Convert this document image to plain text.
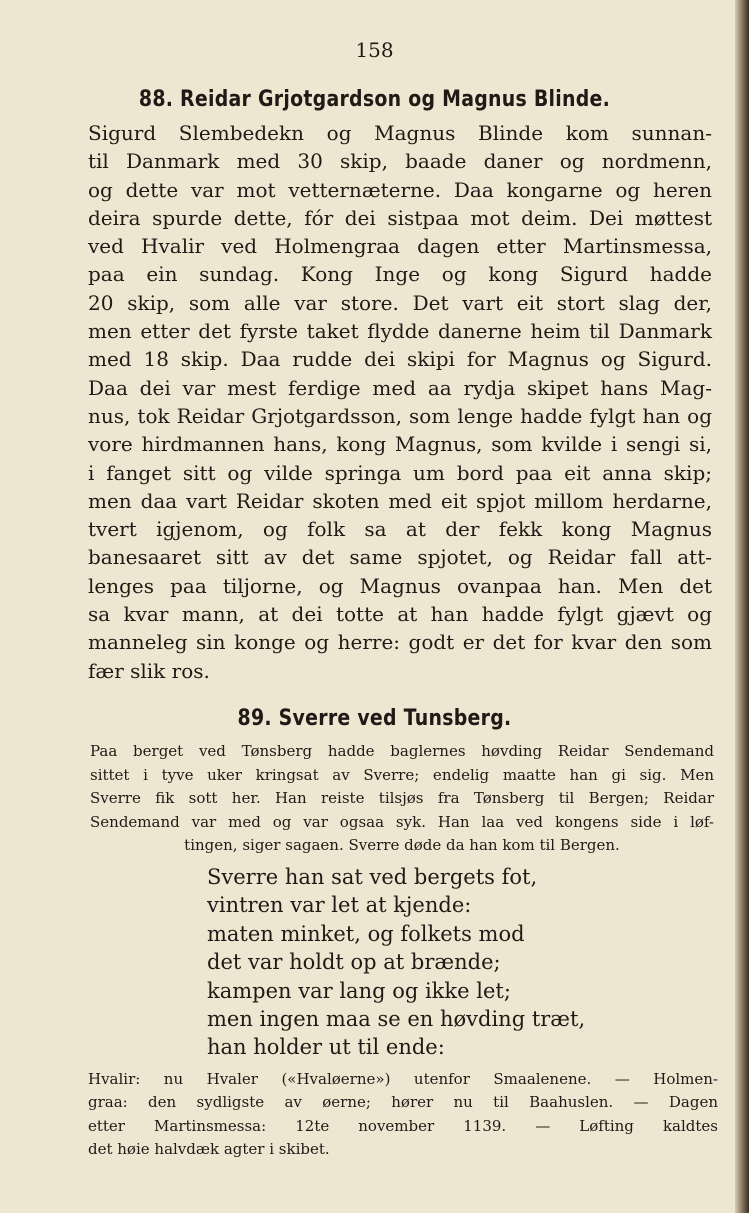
158
88. Reidar Grjotgardson og Magnus Blinde.
Sigurd Slembedekn og Magnus Blinde kom sunnan-
til Danmark med 30 skip, baade daner og nordmenn,
og dette var mot vetternæterne. Daa kongarne og heren
deira spurde dette, fór dei sistpaa mot deim. Dei møttest
ved Hvalir ved Holmengraa dagen etter Martinsmessa,
paa ein sundag. Kong Inge og kong Sigurd hadde
20 skip, som alle var store. Det vart eit stort slag der,
men etter det fyrste taket flydde danerne heim til Danmark
med 18 skip. Daa rudde dei skipi for Magnus og Sigurd.
Daa dei var mest ferdige med aa rydja skipet hans Mag-
nus, tok Reidar Grjotgardsson, som lenge hadde fylgt han og
vore hirdmannen hans, kong Magnus, som kvilde i sengi si,
i fanget sitt og vilde springa um bord paa eit anna skip;
men daa vart Reidar skoten med eit spjot millom herdarne,
tvert igjenom, og folk sa at der fekk kong Magnus
banesaaret sitt av det same spjotet, og Reidar fall att-
lenges paa tiljorne, og Magnus ovanpaa han. Men det
sa kvar mann, at dei totte at han hadde fylgt gjævt og
manneleg sin konge og herre: godt er det for kvar den som
fær slik ros.
89. Sverre ved Tunsberg.
Paa berget ved Tønsberg hadde baglernes høvding Reidar Sendemand
sittet i tyve uker kringsat av Sverre; endelig maatte han gi sig. Men
Sverre fik sott her. Han reiste tilsjøs fra Tønsberg til Bergen; Reidar
Sendemand var med og var ogsaa syk. Han laa ved kongens side i løf-
tingen, siger sagaen. Sverre døde da han kom til Bergen.
Sverre han sat ved bergets fot,
vintren var let at kjende:
maten minket, og folkets mod
det var holdt op at brænde;
kampen var lang og ikke let;
men ingen maa se en høvding træt,
han holder ut til ende:
Hvalir: nu Hvaler («Hvaløerne») utenfor Smaalenene. — Holmen-
graa: den sydligste av øerne; hører nu til Baahuslen. — Dagen
etter Martinsmessa: 12te november 1139. — Løfting kaldtes
det høie halvdæk agter i skibet.
